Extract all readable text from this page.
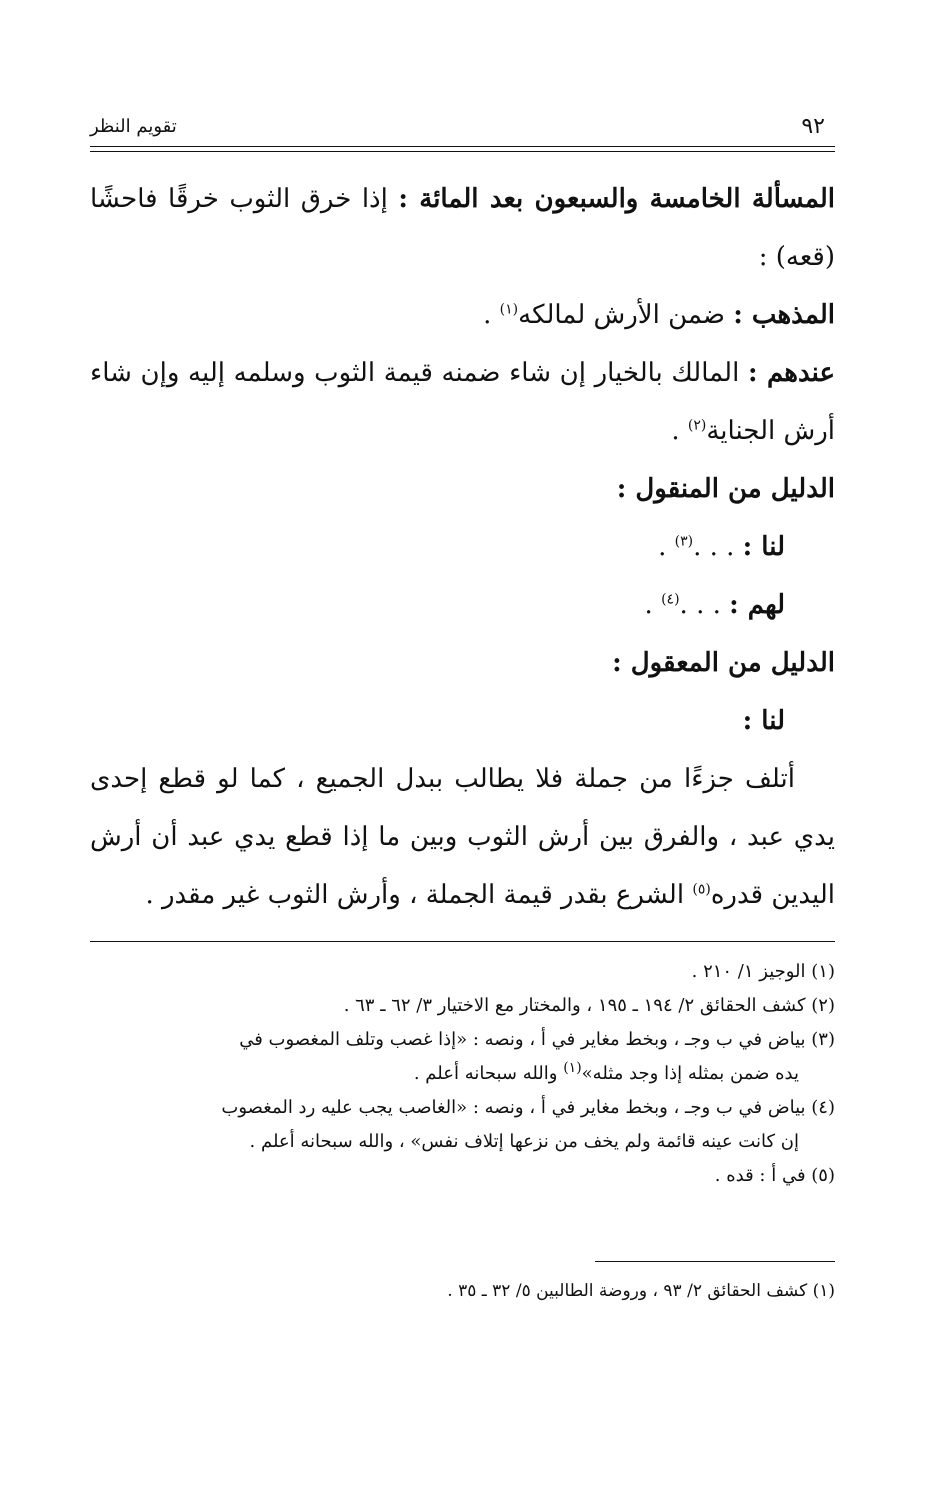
٩٢
تقويم النظر

المسألة الخامسة والسبعون بعد المائة : إذا خرق الثوب خرقًا فاحشًا (قعه) :

المذهب : ضمن الأرش لمالكه$^{(١)}$ .

عندهم : المالك بالخيار إن شاء ضمنه قيمة الثوب وسلمه إليه وإن شاء أرش الجناية$^{(٢)}$ .

الدليل من المنقول :

لنا : . . .$^{(٣)}$ .

لهم : . . .$^{(٤)}$ .

الدليل من المعقول :

لنا :

أتلف جزءًا من جملة فلا يطالب ببدل الجميع ، كما لو قطع إحدى يدي عبد ، والفرق بين أرش الثوب وبين ما إذا قطع يدي عبد أن أرش اليدين قدره$^{(٥)}$ الشرع بقدر قيمة الجملة ، وأرش الثوب غير مقدر .

(١) الوجيز ١/ ٢١٠ .

(٢) كشف الحقائق ٢/ ١٩٤ ـ ١٩٥ ، والمختار مع الاختيار ٣/ ٦٢ ـ ٦٣ .

(٣) بياض في ب وجـ ، وبخط مغاير في أ ، ونصه : «إذا غصب وتلف المغصوب في

يده ضمن بمثله إذا وجد مثله»$^{(١)}$ والله سبحانه أعلم .

(٤) بياض في ب وجـ ، وبخط مغاير في أ ، ونصه : «الغاصب يجب عليه رد المغصوب

إن كانت عينه قائمة ولم يخف من نزعها إتلاف نفس» ، والله سبحانه أعلم .

(٥) في أ : قده .

(١) كشف الحقائق ٢/ ٩٣ ، وروضة الطالبين ٥/ ٣٢ ـ ٣٥ .
